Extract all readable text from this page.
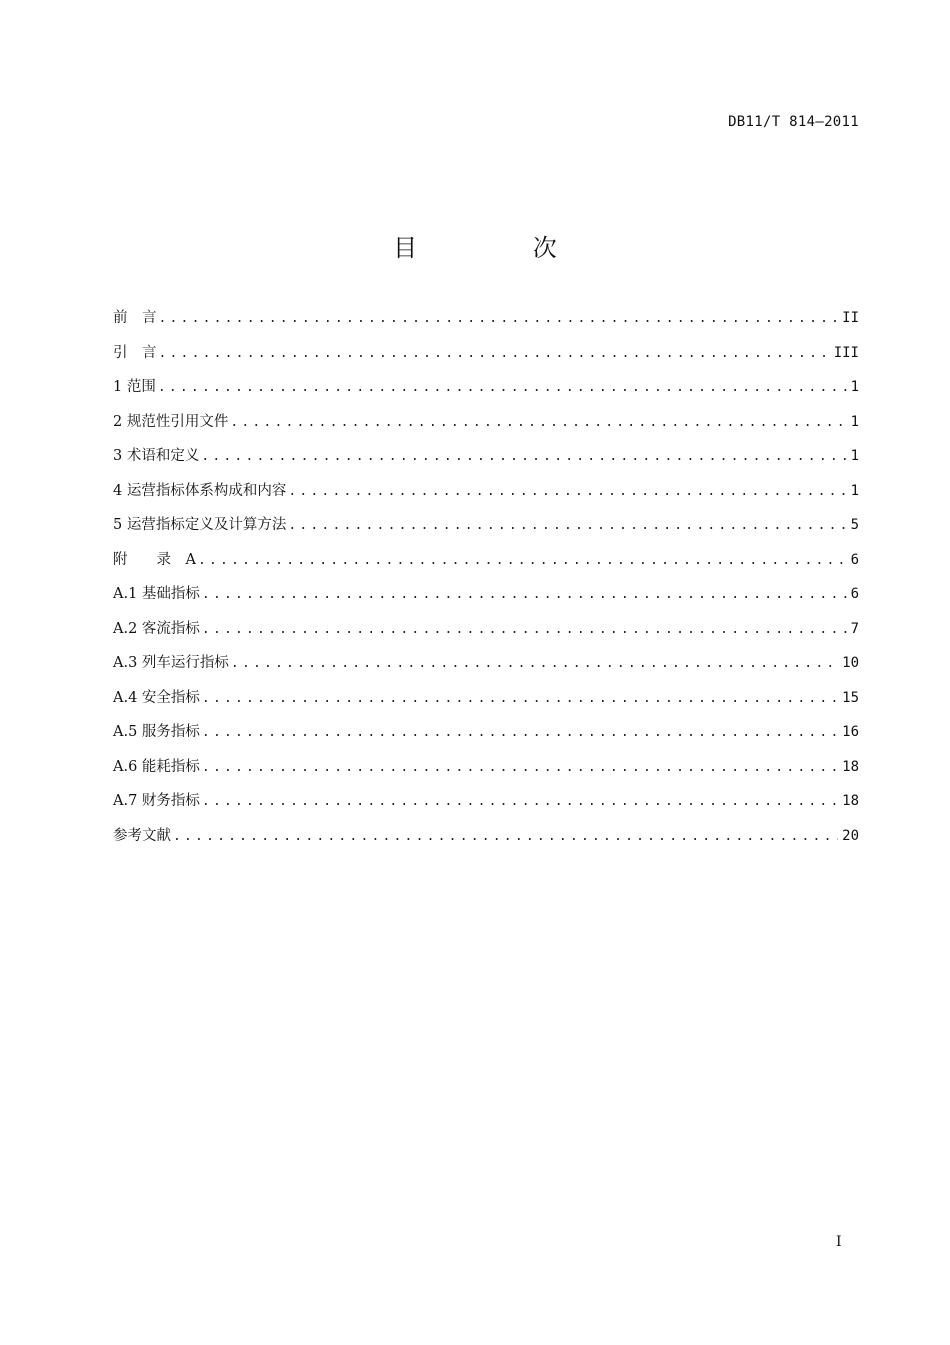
DB11/T 814—2011
目 次
前　言 .....	II
引　言 .....	III
1 范围 .....	1
2 规范性引用文件 .....	1
3 术语和定义 .....	1
4 运营指标体系构成和内容 .....	1
5 运营指标定义及计算方法 .....	5
附　　录　A .....	6
A.1 基础指标 .....	6
A.2 客流指标 .....	7
A.3 列车运行指标 .....	10
A.4 安全指标 .....	15
A.5 服务指标 .....	16
A.6 能耗指标 .....	18
A.7 财务指标 .....	18
参考文献 .....	20
I
